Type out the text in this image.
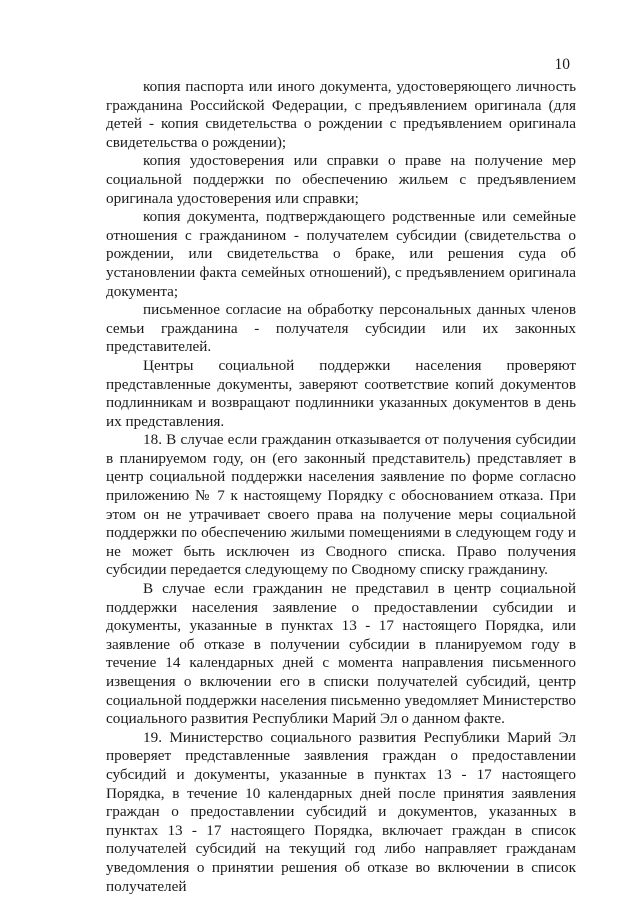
10

копия паспорта или иного документа, удостоверяющего личность гражданина Российской Федерации, с предъявлением оригинала (для детей - копия свидетельства о рождении с предъявлением оригинала свидетельства о рождении);

копия удостоверения или справки о праве на получение мер социальной поддержки по обеспечению жильем с предъявлением оригинала удостоверения или справки;

копия документа, подтверждающего родственные или семейные отношения с гражданином - получателем субсидии (свидетельства о рождении, или свидетельства о браке, или решения суда об установлении факта семейных отношений), с предъявлением оригинала документа;

письменное согласие на обработку персональных данных членов семьи гражданина - получателя субсидии или их законных представителей.

Центры социальной поддержки населения проверяют представленные документы, заверяют соответствие копий документов подлинникам и возвращают подлинники указанных документов в день их представления.

18. В случае если гражданин отказывается от получения субсидии в планируемом году, он (его законный представитель) представляет в центр социальной поддержки населения заявление по форме согласно приложению № 7 к настоящему Порядку с обоснованием отказа. При этом он не утрачивает своего права на получение меры социальной поддержки по обеспечению жилыми помещениями в следующем году и не может быть исключен из Сводного списка. Право получения субсидии передается следующему по Сводному списку гражданину.

В случае если гражданин не представил в центр социальной поддержки населения заявление о предоставлении субсидии и документы, указанные в пунктах 13 - 17 настоящего Порядка, или заявление об отказе в получении субсидии в планируемом году в течение 14 календарных дней с момента направления письменного извещения о включении его в списки получателей субсидий, центр социальной поддержки населения письменно уведомляет Министерство социального развития Республики Марий Эл о данном факте.

19. Министерство социального развития Республики Марий Эл проверяет представленные заявления граждан о предоставлении субсидий и документы, указанные в пунктах 13 - 17 настоящего Порядка, в течение 10 календарных дней после принятия заявления граждан о предоставлении субсидий и документов, указанных в пунктах 13 - 17 настоящего Порядка, включает граждан в список получателей субсидий на текущий год либо направляет гражданам уведомления о принятии решения об отказе во включении в список получателей
